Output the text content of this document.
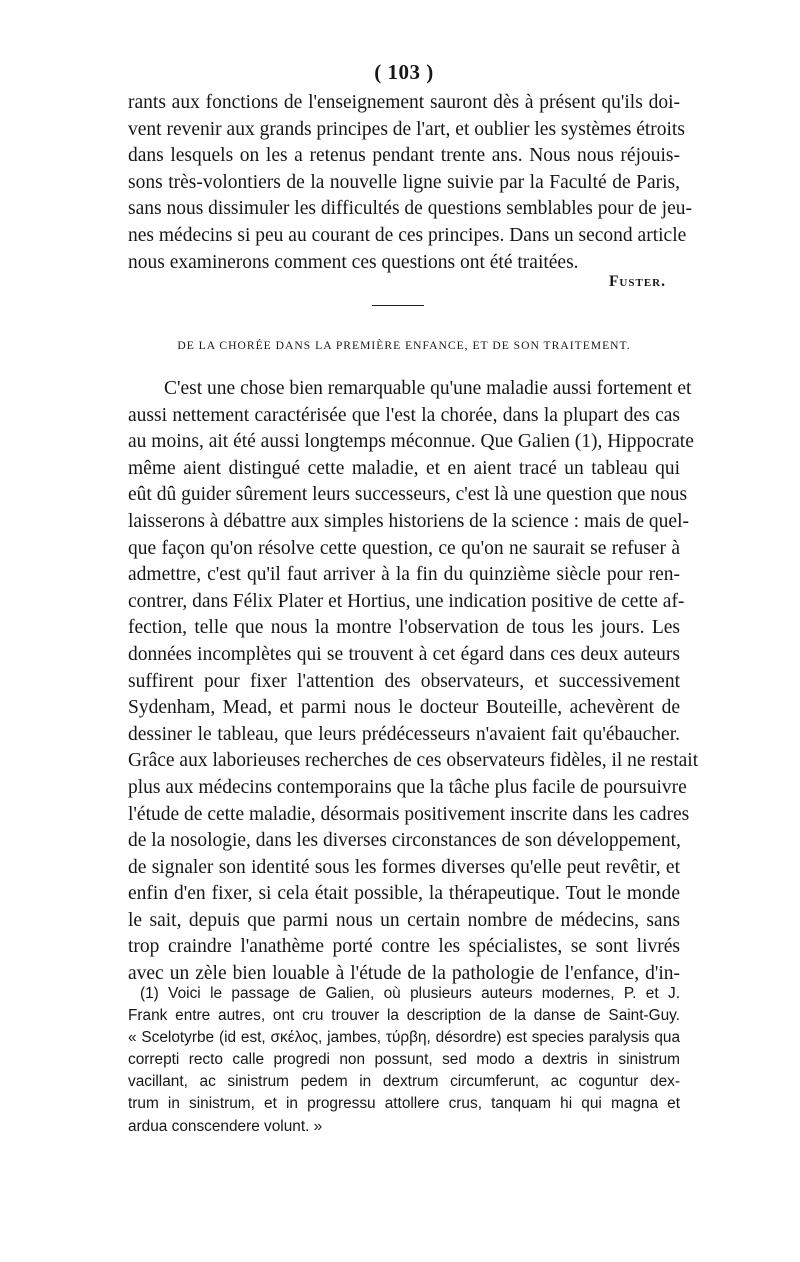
( 103 )
rants aux fonctions de l'enseignement sauront dès à présent qu'ils doi-
vent revenir aux grands principes de l'art, et oublier les systèmes étroits
dans lesquels on les a retenus pendant trente ans. Nous nous réjouis-
sons très-volontiers de la nouvelle ligne suivie par la Faculté de Paris,
sans nous dissimuler les difficultés de questions semblables pour de jeu-
nes médecins si peu au courant de ces principes. Dans un second article
nous examinerons comment ces questions ont été traitées.
Fuster.
DE LA CHORÉE DANS LA PREMIÈRE ENFANCE, ET DE SON TRAITEMENT.
C'est une chose bien remarquable qu'une maladie aussi fortement et
aussi nettement caractérisée que l'est la chorée, dans la plupart des cas
au moins, ait été aussi longtemps méconnue. Que Galien (1), Hippocrate
même aient distingué cette maladie, et en aient tracé un tableau qui
eût dû guider sûrement leurs successeurs, c'est là une question que nous
laisserons à débattre aux simples historiens de la science : mais de quel-
que façon qu'on résolve cette question, ce qu'on ne saurait se refuser à
admettre, c'est qu'il faut arriver à la fin du quinzième siècle pour ren-
contrer, dans Félix Plater et Hortius, une indication positive de cette af-
fection, telle que nous la montre l'observation de tous les jours. Les
données incomplètes qui se trouvent à cet égard dans ces deux auteurs
suffirent pour fixer l'attention des observateurs, et successivement
Sydenham, Mead, et parmi nous le docteur Bouteille, achevèrent de
dessiner le tableau, que leurs prédécesseurs n'avaient fait qu'ébaucher.
Grâce aux laborieuses recherches de ces observateurs fidèles, il ne restait
plus aux médecins contemporains que la tâche plus facile de poursuivre
l'étude de cette maladie, désormais positivement inscrite dans les cadres
de la nosologie, dans les diverses circonstances de son développement,
de signaler son identité sous les formes diverses qu'elle peut revêtir, et
enfin d'en fixer, si cela était possible, la thérapeutique. Tout le monde
le sait, depuis que parmi nous un certain nombre de médecins, sans
trop craindre l'anathème porté contre les spécialistes, se sont livrés
avec un zèle bien louable à l'étude de la pathologie de l'enfance, d'in-
(1) Voici le passage de Galien, où plusieurs auteurs modernes, P. et J.
Frank entre autres, ont cru trouver la description de la danse de Saint-Guy.
« Scelotyrbe (id est, σκέλος, jambes, τύρβη, désordre) est species paralysis qua
correpti recto calle progredi non possunt, sed modo a dextris in sinistrum
vacillant, ac sinistrum pedem in dextrum circumferunt, ac coguntur dex-
trum in sinistrum, et in progressu attollere crus, tanquam hi qui magna et
ardua conscendere volunt. »
